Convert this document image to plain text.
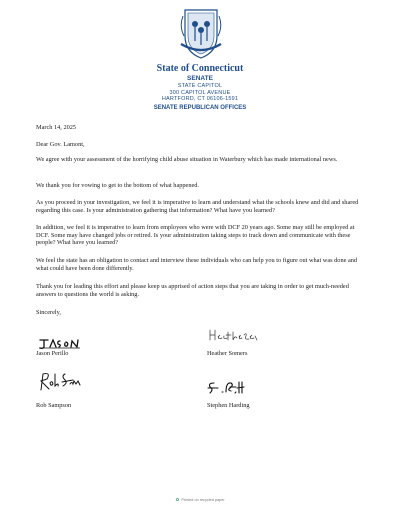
State of Connecticut
SENATE
STATE CAPITOL
300 CAPITOL AVENUE
HARTFORD, CT 06106-1591
SENATE REPUBLICAN OFFICES
March 14, 2025
Dear Gov. Lamont,

We agree with your assessment of the horrifying child abuse situation in Waterbury which has made international news.

We thank you for vowing to get to the bottom of what happened.

As you proceed in your investigation, we feel it is imperative to learn and understand what the schools knew and did and shared regarding this case. Is your administration gathering that information? What have you learned?

In addition, we feel it is imperative to learn from employees who were with DCF 20 years ago. Some may still be employed at DCF. Some may have changed jobs or retired. Is your administration taking steps to track down and communicate with these people? What have you learned?

We feel the state has an obligation to contact and interview these individuals who can help you to figure out what was done and what could have been done differently.

Thank you for leading this effort and please keep us apprised of action steps that you are taking in order to get much-needed answers to questions the world is asking.

Sincerely,
Jason Perillo	Heather Somers
Rob Sampson	Stephen Harding
♻ Printed on recycled paper
